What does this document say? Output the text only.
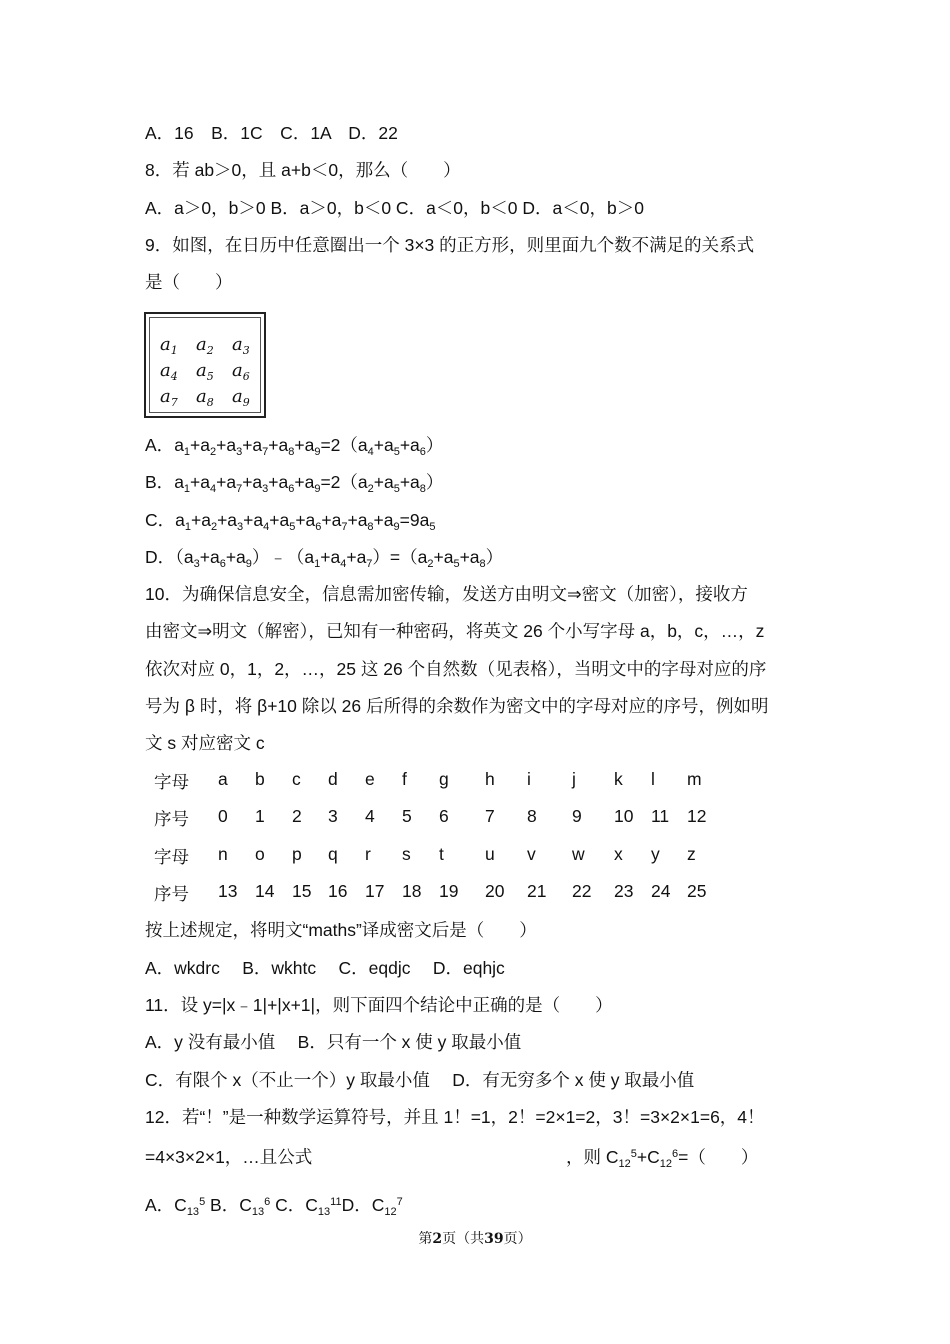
A．16　B．1C　C．1A　D．22
8．若 ab＞0，且 a+b＜0，那么（　　）
A．a＞0，b＞0 B．a＞0，b＜0 C．a＜0，b＜0 D．a＜0，b＞0
9．如图，在日历中任意圈出一个 3×3 的正方形，则里面九个数不满足的关系式
是（　　）
$a_1$	$a_2$	$a_3$
$a_4$	$a_5$	$a_6$
$a_7$	$a_8$	$a_9$
A．$a_1+a_2+a_3+a_7+a_8+a_9=2(a_4+a_5+a_6)$
B．$a_1+a_4+a_7+a_3+a_6+a_9=2(a_2+a_5+a_8)$
C．$a_1+a_2+a_3+a_4+a_5+a_6+a_7+a_8+a_9=9a_5$
D．$(a_3+a_6+a_9)﹣(a_1+a_4+a_7)=(a_2+a_5+a_8)$
10．为确保信息安全，信息需加密传输，发送方由明文⇒密文（加密），接收方
由密文⇒明文（解密），已知有一种密码，将英文 26 个小写字母 a，b，c，…，z
依次对应 0，1，2，…，25 这 26 个自然数（见表格），当明文中的字母对应的序
号为 β 时，将 β+10 除以 26 后所得的余数作为密文中的字母对应的序号，例如明
文 s 对应密文 c
字母 a b c d e f g h i j k l m
序号 0 1 2 3 4 5 6 7 8 9 10 11 12
字母 n o p q r s t u v w x y z
序号 13 14 15 16 17 18 19 20 21 22 23 24 25
按上述规定，将明文“maths”译成密文后是（　　）
A．wkdrc　 B．wkhtc　 C．eqdjc　 D．eqhjc
11．设 y=|x﹣1|+|x+1|，则下面四个结论中正确的是（　　）
A．y 没有最小值　 B．只有一个 x 使 y 取最小值
C．有限个 x（不止一个）y 取最小值　 D．有无穷多个 x 使 y 取最小值
12．若“！”是一种数学运算符号，并且 1！=1，2！=2×1=2，3！=3×2×1=6，4！
=4×3×2×1，…且公式	，则 $C_{12}^5+C_{12}^6=$（　　）
A．$C_{13}^5$ B．$C_{13}^6$ C．$C_{13}^{11}D$．$C_{12}^7$
第2页（共39页）
